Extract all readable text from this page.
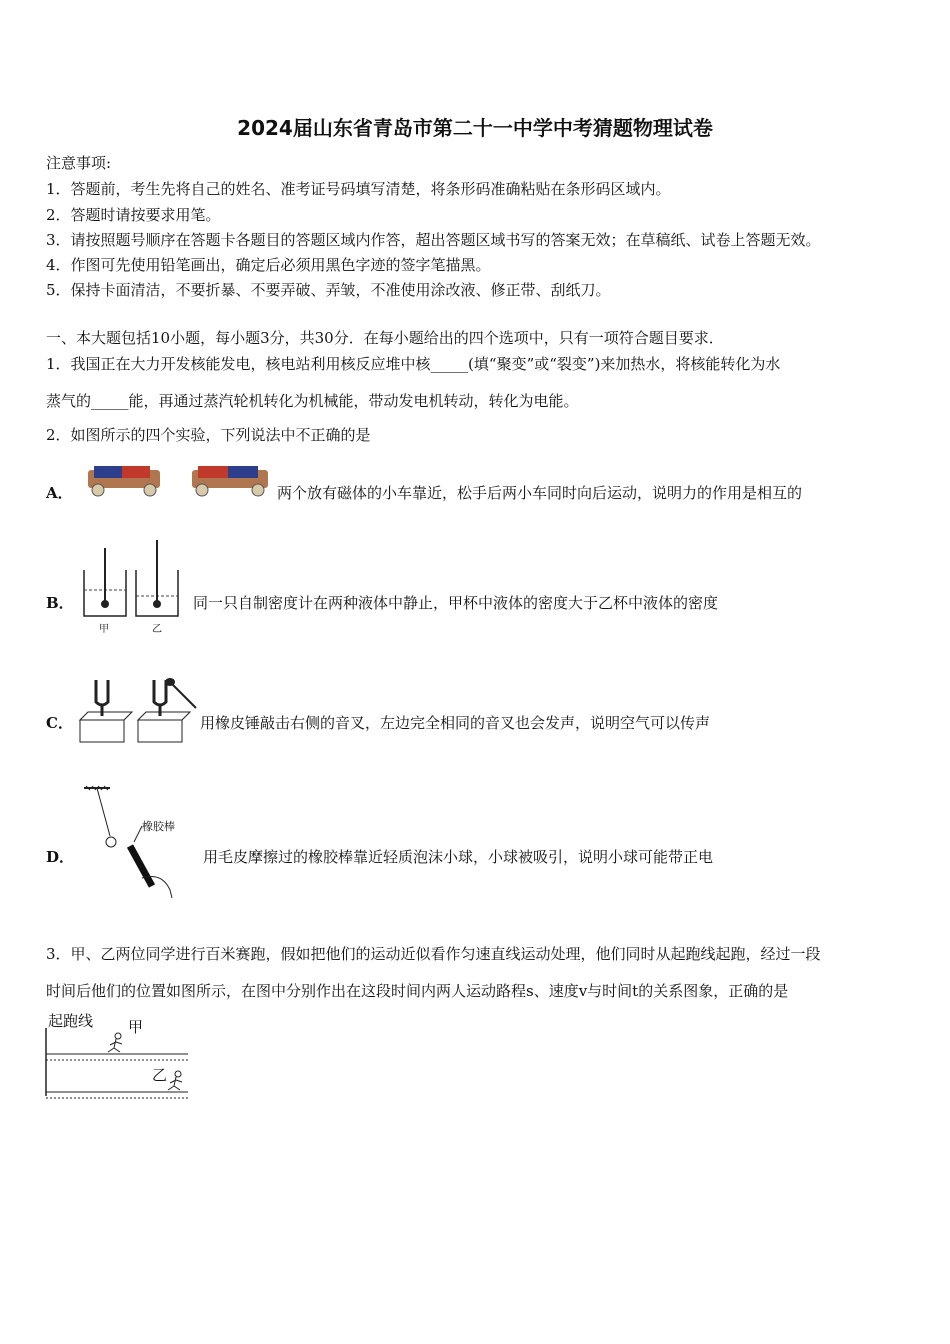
2024届山东省青岛市第二十一中学中考猜题物理试卷
注意事项:
1．答题前，考生先将自己的姓名、准考证号码填写清楚，将条形码准确粘贴在条形码区域内。
2．答题时请按要求用笔。
3．请按照题号顺序在答题卡各题目的答题区域内作答，超出答题区域书写的答案无效；在草稿纸、试卷上答题无效。
4．作图可先使用铅笔画出，确定后必须用黑色字迹的签字笔描黑。
5．保持卡面清洁，不要折暴、不要弄破、弄皱，不准使用涂改液、修正带、刮纸刀。
一、本大题包括10小题，每小题3分，共30分．在每小题给出的四个选项中，只有一项符合题目要求．
1．我国正在大力开发核能发电，核电站利用核反应堆中核_____(填“聚变”或“裂变”)来加热水，将核能转化为水
蒸气的_____能，再通过蒸汽轮机转化为机械能，带动发电机转动，转化为电能。
2．如图所示的四个实验，下列说法中不正确的是
A．	两个放有磁体的小车靠近，松手后两小车同时向后运动，说明力的作用是相互的
B．
甲	乙
同一只自制密度计在两种液体中静止，甲杯中液体的密度大于乙杯中液体的密度
C．	用橡皮锤敲击右侧的音叉，左边完全相同的音叉也会发声，说明空气可以传声
D．
橡胶棒
用毛皮摩擦过的橡胶棒靠近轻质泡沫小球，小球被吸引，说明小球可能带正电
3．甲、乙两位同学进行百米赛跑，假如把他们的运动近似看作匀速直线运动处理，他们同时从起跑线起跑，经过一段
时间后他们的位置如图所示，在图中分别作出在这段时间内两人运动路程s、速度v与时间t的关系图象，正确的是
起跑线 甲
乙
